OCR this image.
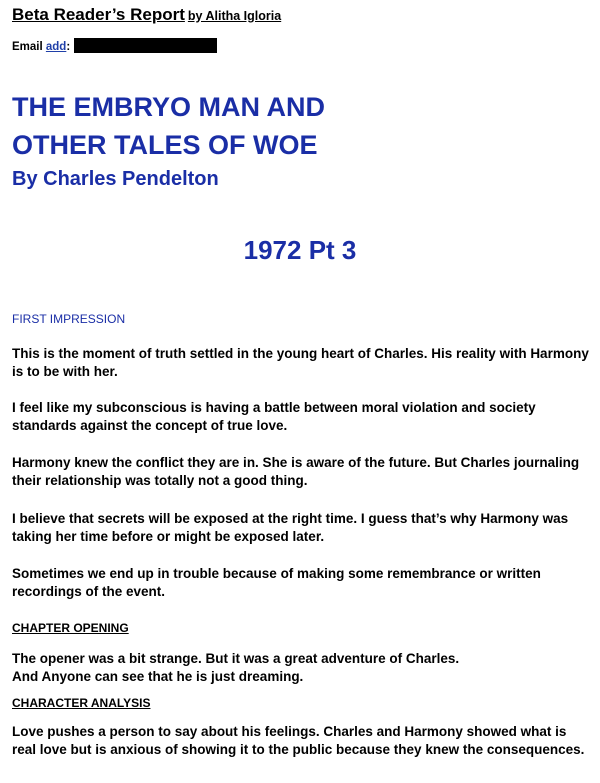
Beta Reader’s Report by Alitha Igloria
Email add:
THE EMBRYO MAN AND
OTHER TALES OF WOE
By Charles Pendelton
1972 Pt 3
FIRST IMPRESSION
This is the moment of truth settled in the young heart of Charles. His reality with Harmony is to be with her.
I feel like my subconscious is having a battle between moral violation and society standards against the concept of true love.
Harmony knew the conflict they are in. She is aware of the future. But Charles journaling their relationship was totally not a good thing.
I believe that secrets will be exposed at the right time. I guess that’s why Harmony was taking her time before or might be exposed later.
Sometimes we end up in trouble because of making some remembrance or written recordings of the event.
CHAPTER OPENING
The opener was a bit strange. But it was a great adventure of Charles.
And Anyone can see that he is just dreaming.
CHARACTER ANALYSIS
Love pushes a person to say about his feelings. Charles and Harmony showed what is real love but is anxious of showing it to the public because they knew the consequences.
